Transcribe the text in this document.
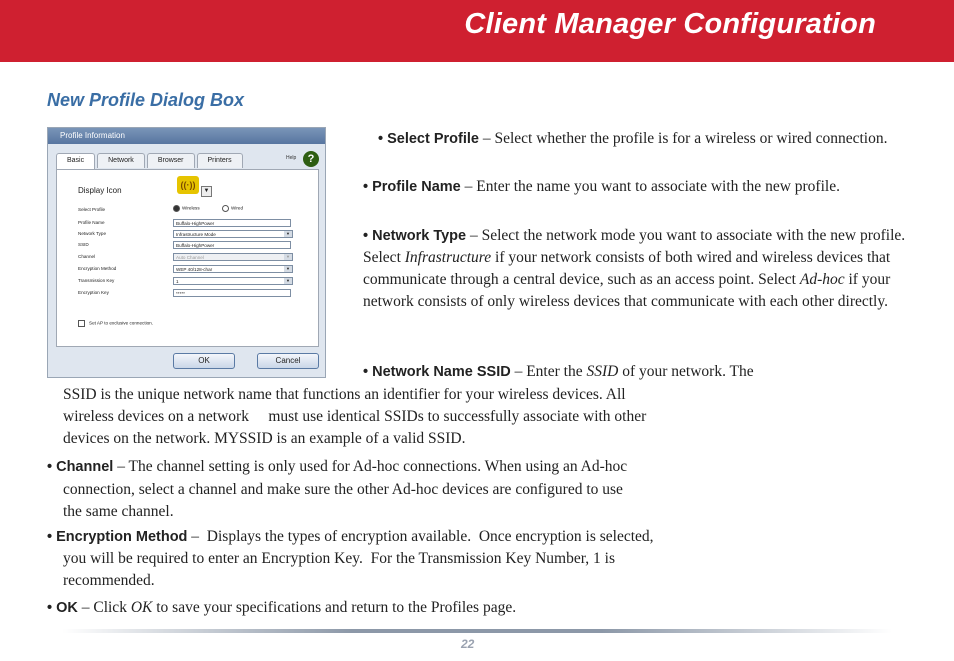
Client Manager Configuration
New Profile Dialog Box
Profile Information
Basic	Network	Browser	Printers	Help	?
Display Icon
((·))
▼
Select Profile	Wireless	Wired
Profile Name	Buffalo-HighPower
Network Type	Infrastructure Mode	▼
SSID	Buffalo-HighPower
Channel	Auto Channel	▼
Encryption Method	WEP 40/128-char	▼
Transmission Key	1	▼
Encryption Key	*****
Set AP to exclusive connection.
OK	Cancel

• Select Profile – Select whether the profile is for a wireless or wired connection.

• Profile Name – Enter the name you want to associate with the new profile.

• Network Type – Select the network mode you want to associate with the new profile. Select Infrastructure if your network consists of both wired and wireless devices that communicate through a central device, such as an access point. Select Ad-hoc if your network consists of only wireless devices that communicate with each other directly.

• Network Name SSID – Enter the SSID of your network. The

SSID is the unique network name that functions an identifier for your wireless devices. All

wireless devices on a network     must use identical SSIDs to successfully associate with other

devices on the network. MYSSID is an example of a valid SSID.

• Channel – The channel setting is only used for Ad-hoc connections. When using an Ad-hoc

connection, select a channel and make sure the other Ad-hoc devices are configured to use

the same channel.

• Encryption Method –  Displays the types of encryption available.  Once encryption is selected,

you will be required to enter an Encryption Key.  For the Transmission Key Number, 1 is

recommended.

• OK – Click OK to save your specifications and return to the Profiles page.

22
